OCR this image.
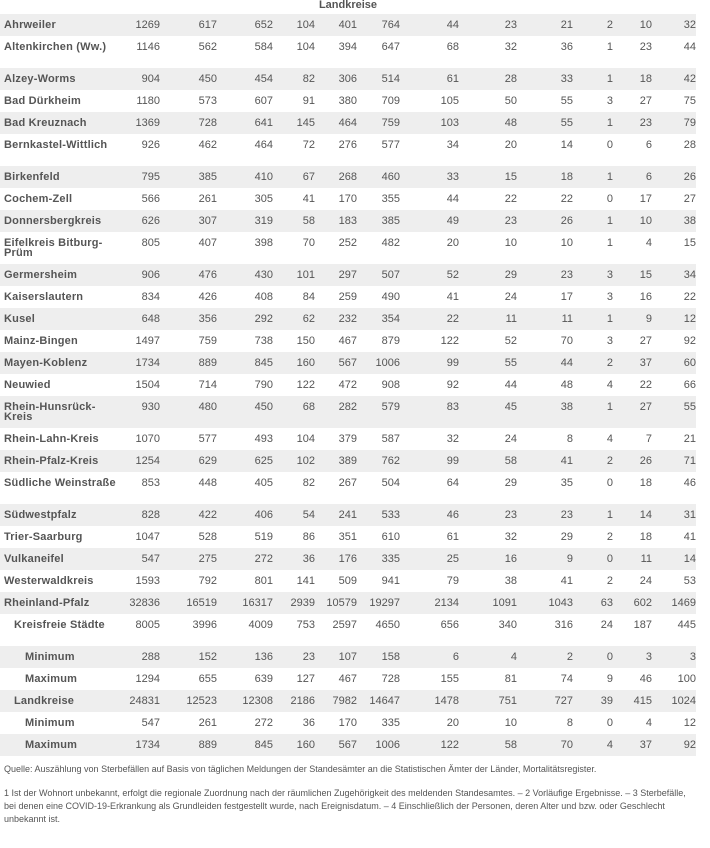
Landkreise
Ahrweiler	1269	617	652	104	401	764	44	23	21	2	10	32
Altenkirchen (Ww.)	1146	562	584	104	394	647	68	32	36	1	23	44
Alzey-Worms	904	450	454	82	306	514	61	28	33	1	18	42
Bad Dürkheim	1180	573	607	91	380	709	105	50	55	3	27	75
Bad Kreuznach	1369	728	641	145	464	759	103	48	55	1	23	79
Bernkastel-Wittlich	926	462	464	72	276	577	34	20	14	0	6	28
Birkenfeld	795	385	410	67	268	460	33	15	18	1	6	26
Cochem-Zell	566	261	305	41	170	355	44	22	22	0	17	27
Donnersbergkreis	626	307	319	58	183	385	49	23	26	1	10	38
Eifelkreis Bitburg-Prüm	805	407	398	70	252	482	20	10	10	1	4	15
Germersheim	906	476	430	101	297	507	52	29	23	3	15	34
Kaiserslautern	834	426	408	84	259	490	41	24	17	3	16	22
Kusel	648	356	292	62	232	354	22	11	11	1	9	12
Mainz-Bingen	1497	759	738	150	467	879	122	52	70	3	27	92
Mayen-Koblenz	1734	889	845	160	567	1006	99	55	44	2	37	60
Neuwied	1504	714	790	122	472	908	92	44	48	4	22	66
Rhein-Hunsrück-Kreis	930	480	450	68	282	579	83	45	38	1	27	55
Rhein-Lahn-Kreis	1070	577	493	104	379	587	32	24	8	4	7	21
Rhein-Pfalz-Kreis	1254	629	625	102	389	762	99	58	41	2	26	71
Südliche Weinstraße	853	448	405	82	267	504	64	29	35	0	18	46
Südwestpfalz	828	422	406	54	241	533	46	23	23	1	14	31
Trier-Saarburg	1047	528	519	86	351	610	61	32	29	2	18	41
Vulkaneifel	547	275	272	36	176	335	25	16	9	0	11	14
Westerwaldkreis	1593	792	801	141	509	941	79	38	41	2	24	53
Rheinland-Pfalz	32836	16519	16317	2939	10579	19297	2134	1091	1043	63	602	1469
Kreisfreie Städte	8005	3996	4009	753	2597	4650	656	340	316	24	187	445
Minimum	288	152	136	23	107	158	6	4	2	0	3	3
Maximum	1294	655	639	127	467	728	155	81	74	9	46	100
Landkreise	24831	12523	12308	2186	7982	14647	1478	751	727	39	415	1024
Minimum	547	261	272	36	170	335	20	10	8	0	4	12
Maximum	1734	889	845	160	567	1006	122	58	70	4	37	92
Quelle: Auszählung von Sterbefällen auf Basis von täglichen Meldungen der Standesämter an die Statistischen Ämter der Länder, Mortalitätsregister.
1 Ist der Wohnort unbekannt, erfolgt die regionale Zuordnung nach der räumlichen Zugehörigkeit des meldenden Standesamtes. – 2 Vorläufige Ergebnisse. – 3 Sterbefälle, bei denen eine COVID-19-Erkrankung als Grundleiden festgestellt wurde, nach Ereignisdatum. – 4 Einschließlich der Personen, deren Alter und bzw. oder Geschlecht unbekannt ist.
